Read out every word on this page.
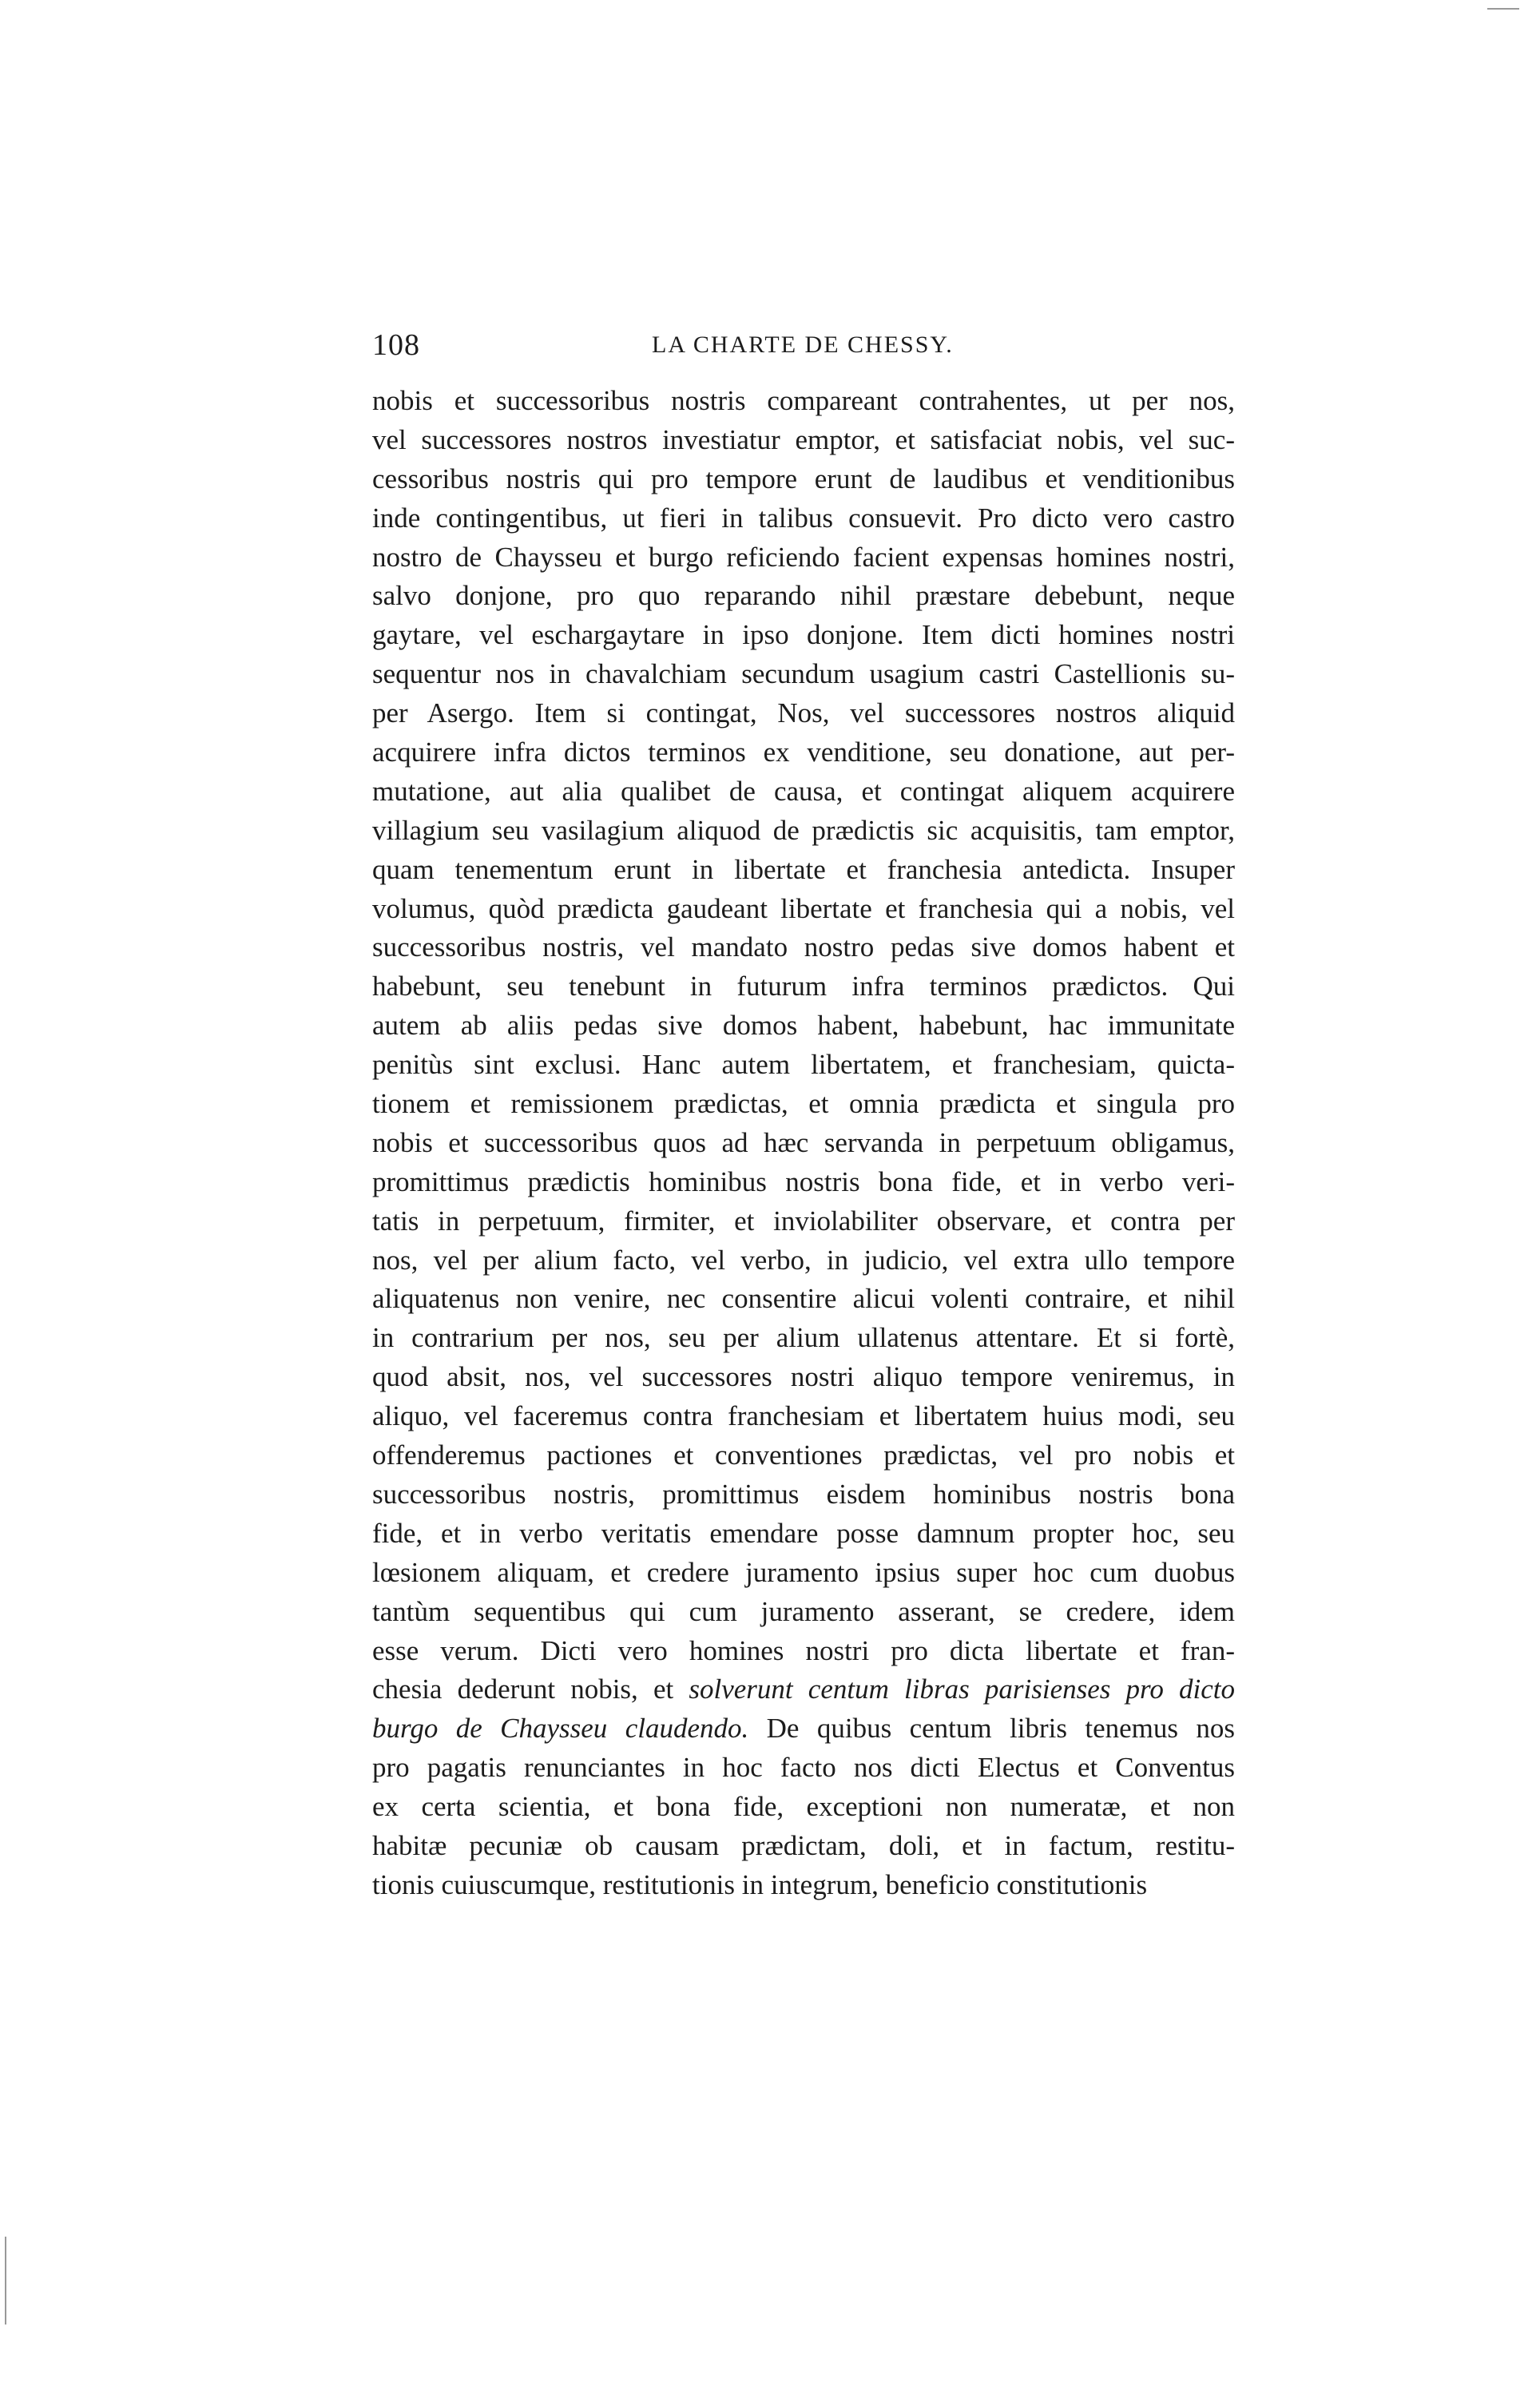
108	LA CHARTE DE CHESSY.
nobis et successoribus nostris compareant contrahentes, ut per nos,
vel successores nostros investiatur emptor, et satisfaciat nobis, vel suc-
cessoribus nostris qui pro tempore erunt de laudibus et venditionibus
inde contingentibus, ut fieri in talibus consuevit. Pro dicto vero castro
nostro de Chaysseu et burgo reficiendo facient expensas homines nostri,
salvo donjone, pro quo reparando nihil præstare debebunt, neque
gaytare, vel eschargaytare in ipso donjone. Item dicti homines nostri
sequentur nos in chavalchiam secundum usagium castri Castellionis su-
per Asergo. Item si contingat, Nos, vel successores nostros aliquid
acquirere infra dictos terminos ex venditione, seu donatione, aut per-
mutatione, aut alia qualibet de causa, et contingat aliquem acquirere
villagium seu vasilagium aliquod de prædictis sic acquisitis, tam emptor,
quam tenementum erunt in libertate et franchesia antedicta. Insuper
volumus, quòd prædicta gaudeant libertate et franchesia qui a nobis, vel
successoribus nostris, vel mandato nostro pedas sive domos habent et
habebunt, seu tenebunt in futurum infra terminos prædictos. Qui
autem ab aliis pedas sive domos habent, habebunt, hac immunitate
penitùs sint exclusi. Hanc autem libertatem, et franchesiam, quicta-
tionem et remissionem prædictas, et omnia prædicta et singula pro
nobis et successoribus quos ad hæc servanda in perpetuum obligamus,
promittimus prædictis hominibus nostris bona fide, et in verbo veri-
tatis in perpetuum, firmiter, et inviolabiliter observare, et contra per
nos, vel per alium facto, vel verbo, in judicio, vel extra ullo tempore
aliquatenus non venire, nec consentire alicui volenti contraire, et nihil
in contrarium per nos, seu per alium ullatenus attentare. Et si fortè,
quod absit, nos, vel successores nostri aliquo tempore veniremus, in
aliquo, vel faceremus contra franchesiam et libertatem huius modi, seu
offenderemus pactiones et conventiones prædictas, vel pro nobis et
successoribus nostris, promittimus eisdem hominibus nostris bona
fide, et in verbo veritatis emendare posse damnum propter hoc, seu
lœsionem aliquam, et credere juramento ipsius super hoc cum duobus
tantùm sequentibus qui cum juramento asserant, se credere, idem
esse verum. Dicti vero homines nostri pro dicta libertate et fran-
chesia dederunt nobis, et solverunt centum libras parisienses pro dicto
burgo de Chaysseu claudendo. De quibus centum libris tenemus nos
pro pagatis renunciantes in hoc facto nos dicti Electus et Conventus
ex certa scientia, et bona fide, exceptioni non numeratæ, et non
habitæ pecuniæ ob causam prædictam, doli, et in factum, restitu-
tionis cuiuscumque, restitutionis in integrum, beneficio constitutionis
